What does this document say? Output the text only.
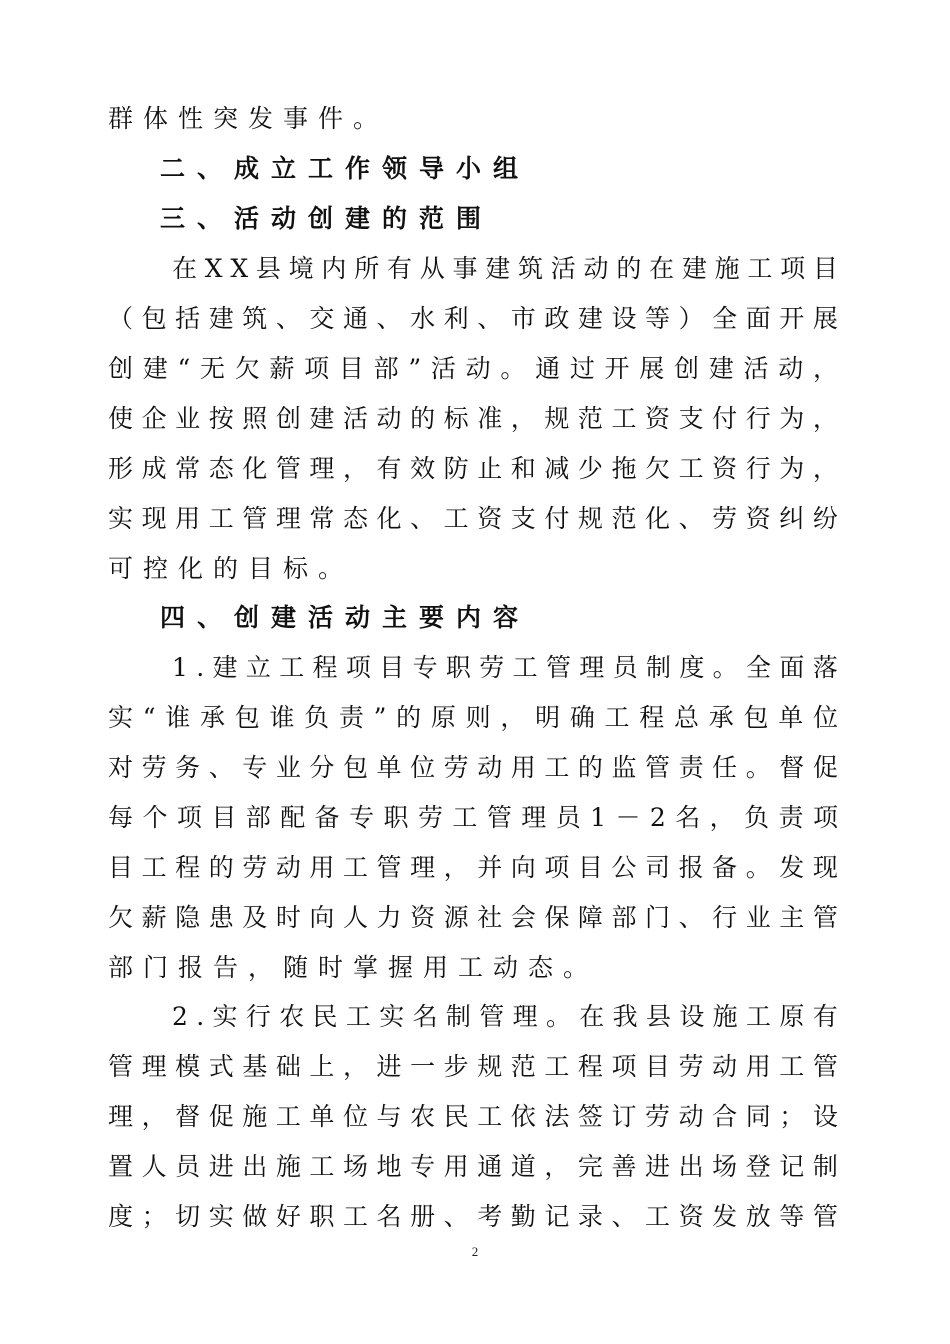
群体性突发事件。
二、成立工作领导小组
三、活动创建的范围
在 X X 县 境 内 所 有 从 事 建 筑 活 动 的 在 建 施 工 项 目
（ 包 括 建 筑 、 交 通 、 水 利 、 市 政 建 设 等 ） 全 面 开 展
创 建 “ 无 欠 薪 项 目 部 ” 活 动 。 通 过 开 展 创 建 活 动 ，
使 企 业 按 照 创 建 活 动 的 标 准 ， 规 范 工 资 支 付 行 为 ，
形 成 常 态 化 管 理 ， 有 效 防 止 和 减 少 拖 欠 工 资 行 为 ，
实 现 用 工 管 理 常 态 化 、 工 资 支 付 规 范 化 、 劳 资 纠 纷
可控化的目标。
四、创建活动主要内容
1 . 建 立 工 程 项 目 专 职 劳 工 管 理 员 制 度 。 全 面 落
实 “ 谁 承 包 谁 负 责 ” 的 原 则 ， 明 确 工 程 总 承 包 单 位
对 劳 务 、 专 业 分 包 单 位 劳 动 用 工 的 监 管 责 任 。 督 促
每 个 项 目 部 配 备 专 职 劳 工 管 理 员 1 － 2 名 ， 负 责 项
目 工 程 的 劳 动 用 工 管 理 ， 并 向 项 目 公 司 报 备 。 发 现
欠 薪 隐 患 及 时 向 人 力 资 源 社 会 保 障 部 门 、 行 业 主 管
部门报告，随时掌握用工动态。
2 . 实 行 农 民 工 实 名 制 管 理 。 在 我 县 设 施 工 原 有
管 理 模 式 基 础 上 ， 进 一 步 规 范 工 程 项 目 劳 动 用 工 管
理 ， 督 促 施 工 单 位 与 农 民 工 依 法 签 订 劳 动 合 同 ； 设
置 人 员 进 出 施 工 场 地 专 用 通 道 ， 完 善 进 出 场 登 记 制
度 ； 切 实 做 好 职 工 名 册 、 考 勤 记 录 、 工 资 发 放 等 管
2
